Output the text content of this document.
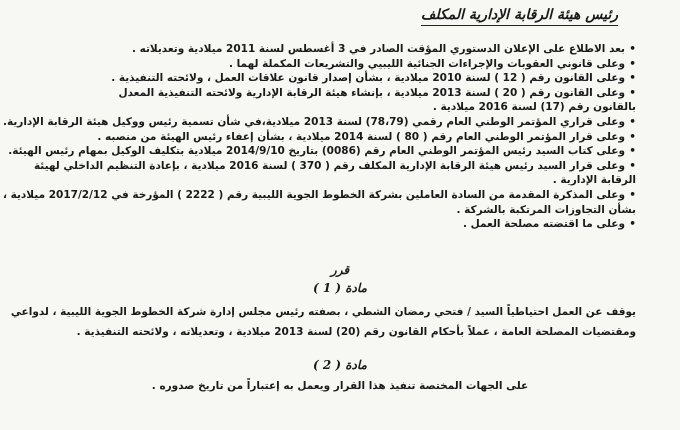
رئيس هيئة الرقابة الإدارية المكلف
• بعد الاطلاع على الإعلان الدستوري المؤقت الصادر في 3 أغسطس لسنة 2011 ميلادية وتعديلاته .
• وعلى قانوني العقوبات والإجراءات الجنائية الليبيي والتشريعات المكملة لهما .
• وعلى القانون رقم ( 12 ) لسنة 2010 ميلادية ، بشأن إصدار قانون علاقات العمل ، ولائحته التنفيذية .
• وعلى القانون رقم ( 20 ) لسنة 2013 ميلادية ، بإنشاء هيئة الرقابة الإدارية ولائحته التنفيذية المعدل
بالقانون رقم (17) لسنة 2016 ميلادية .
• وعلى قراري المؤتمر الوطني العام رقمي (78،79) لسنة 2013 ميلادية،في شأن تسمية رئيس ووكيل هيئة الرقابة الإدارية.
• وعلى قرار المؤتمر الوطني العام رقم ( 80 ) لسنة 2014 ميلادية ، بشأن إعفاء رئيس الهيئة من منصبه .
• وعلى كتاب السيد رئيس المؤتمر الوطني العام رقم (0086) بتاريخ 2014/9/10 ميلادية بتكليف الوكيل بمهام رئيس الهيئة.
• وعلى قرار السيد رئيس هيئة الرقابة الإدارية المكلف رقم ( 370 ) لسنة 2016 ميلادية ، بإعادة التنظيم الداخلي لهيئة
الرقابة الإدارية .
• وعلى المذكرة المقدمة من السادة العاملين بشركة الخطوط الجوية الليبية رقم ( 2222 ) المؤرخة في 2017/2/12 ميلادية ،
بشأن التجاوزات المرتكبة بالشركة .
• وعلى ما اقتضته مصلحة العمل .
قرر
مادة ( 1 )
يوقف عن العمل احتياطياً السيد / فتحي رمضان الشطي ، بصفته رئيس مجلس إدارة شركة الخطوط الجوية الليبية ، لدواعي
ومقتضيات المصلحة العامة ، عملاً بأحكام القانون رقم (20) لسنة 2013 ميلادية ، وتعديلاته ، ولائحته التنفيذية .
مادة ( 2 )
على الجهات المختصة تنفيذ هذا القرار ويعمل به إعتباراً من تاريخ صدوره .
